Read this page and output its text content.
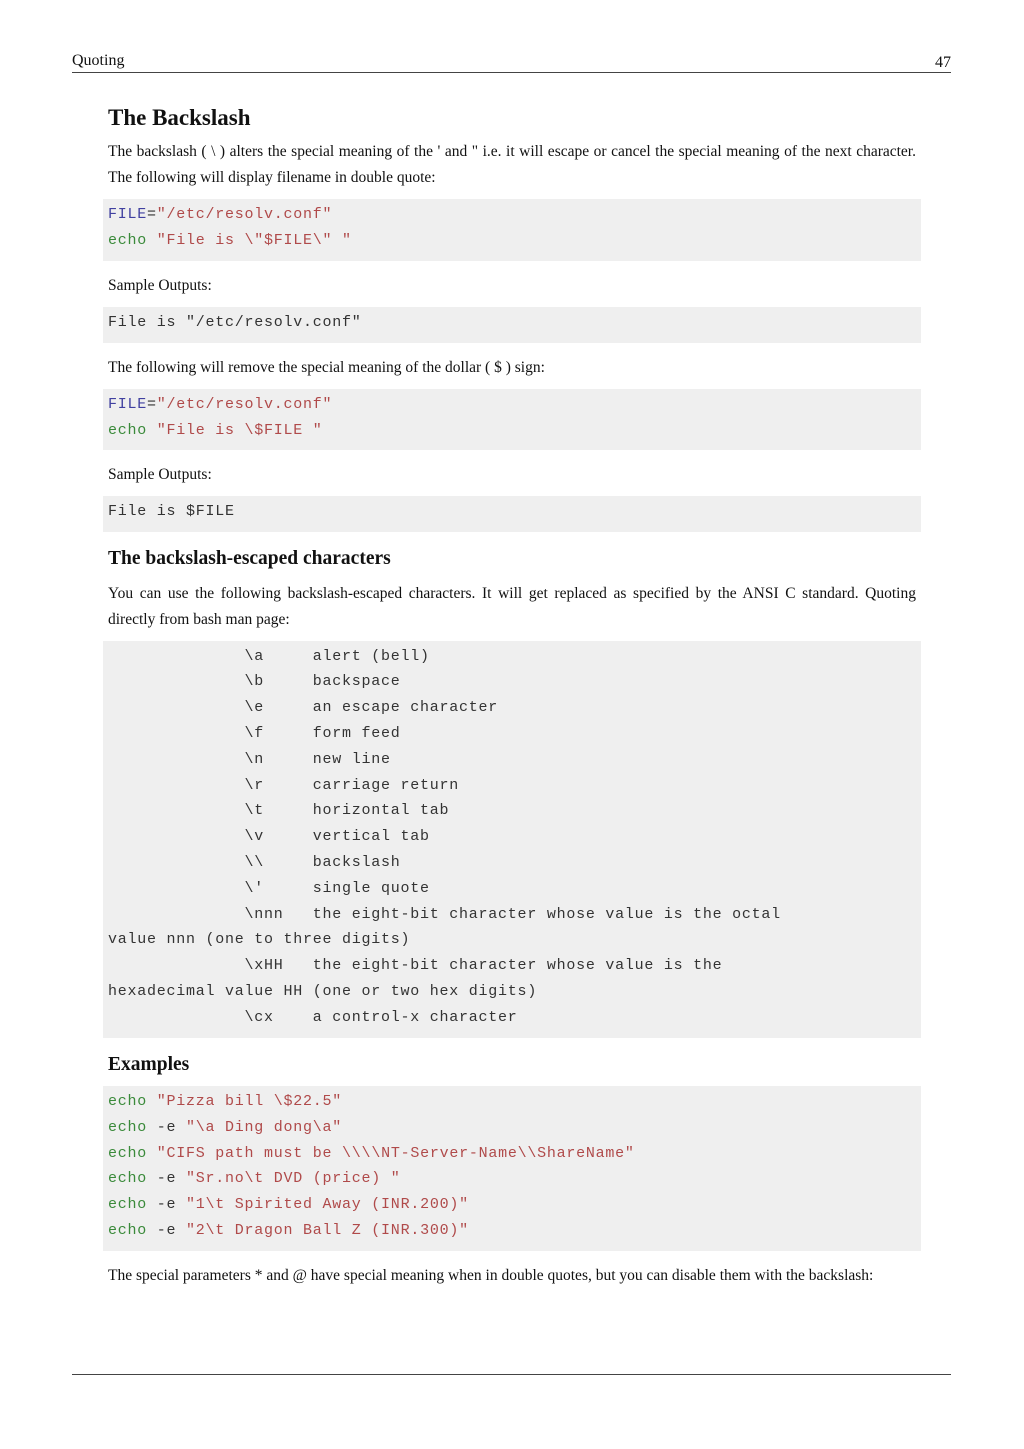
Quoting	47
The Backslash

The backslash ( \ ) alters the special meaning of the ' and " i.e. it will escape or cancel the special meaning of the next character. The following will display filename in double quote:

FILE="/etc/resolv.conf"
echo "File is \"$FILE\" "

Sample Outputs:

File is "/etc/resolv.conf"

The following will remove the special meaning of the dollar ( $ ) sign:

FILE="/etc/resolv.conf"
echo "File is \$FILE "

Sample Outputs:

File is $FILE
The backslash-escaped characters

You can use the following backslash-escaped characters. It will get replaced as specified by the ANSI C standard. Quoting directly from bash man page:

\a     alert (bell)
\b     backspace
\e     an escape character
\f     form feed
\n     new line
\r     carriage return
\t     horizontal tab
\v     vertical tab
\\     backslash
\'     single quote
\nnn   the eight-bit character whose value is the octal
value nnn (one to three digits)
\xHH   the eight-bit character whose value is the
hexadecimal value HH (one or two hex digits)
\cx    a control-x character
Examples
echo "Pizza bill \$22.5"
echo -e "\a Ding dong\a"
echo "CIFS path must be \\\\NT-Server-Name\\ShareName"
echo -e "Sr.no\t DVD (price) "
echo -e "1\t Spirited Away (INR.200)"
echo -e "2\t Dragon Ball Z (INR.300)"

The special parameters * and @ have special meaning when in double quotes, but you can disable them with the backslash:
